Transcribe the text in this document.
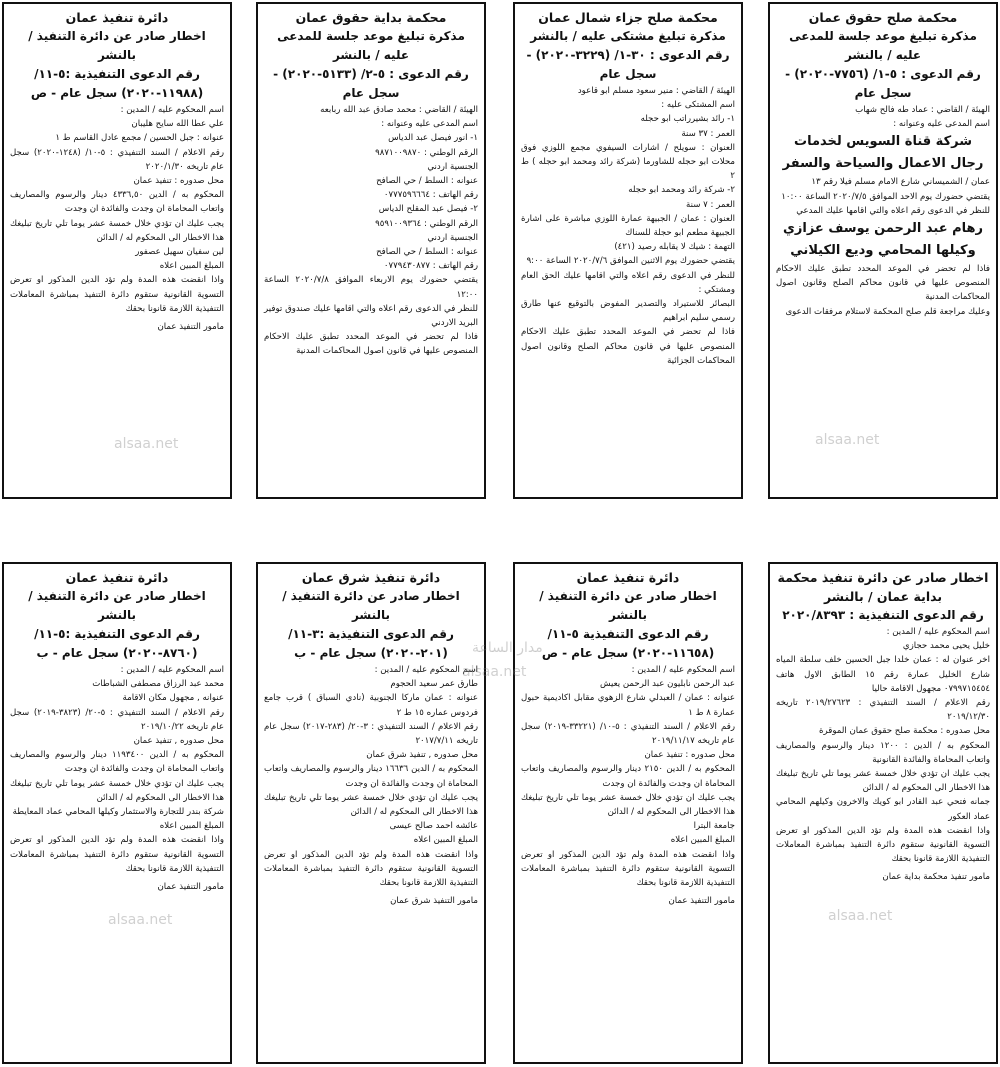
محكمة صلح حقوق عمان
مذكرة تبليغ موعد جلسة للمدعى عليه / بالنشر
رقم الدعوى : ٥-١/ (٧٧٥٦-٢٠٢٠) - سجل عام
الهيئة / القاضي : عماد طه فالح شهاب
اسم المدعى عليه وعنوانه :
شركة قناة السويس لخدمات رجال الاعمال والسياحة والسفر
عمان / الشميساني شارع الامام مسلم فيلا رقم ١٣
يقتضي حضورك يوم الاحد الموافق ٢٠٢٠/٧/٥ الساعة ١٠:٠٠
للنظر في الدعوى رقم اعلاه والتي اقامها عليك المدعي
رهام عبد الرحمن يوسف عزازي وكيلها المحامي وديع الكيلاني
فاذا لم تحضر في الموعد المحدد تطبق عليك الاحكام المنصوص عليها في قانون محاكم الصلح وقانون اصول المحاكمات المدنية
وعليك مراجعة قلم صلح المحكمة لاستلام مرفقات الدعوى
محكمة صلح جزاء شمال عمان
مذكرة تبليغ مشتكى عليه / بالنشر
رقم الدعوى : ٣٠-١/ (٣٢٢٩-٢٠٢٠) - سجل عام
الهيئة / القاضي : منير سعود مسلم ابو قاعود
اسم المشتكى عليه :
١- رائد بشيرراتب ابو حجله
العمر : ٣٧ سنة
العنوان : سويلح / اشارات السيفوي مجمع اللوزي فوق محلات ابو حجله للشاورما (شركة رائد ومحمد ابو حجله ) ط ٢
٢- شركة رائد ومحمد ابو حجله
العمر : ٧ سنة
العنوان : عمان / الجبيهة عمارة اللوزي مباشرة على اشارة الجبيهة مطعم ابو حجلة للسناك
التهمة : شيك لا يقابله رصيد (٤٢١)
يقتضي حضورك يوم الاثنين الموافق ٢٠٢٠/٧/٦ الساعة ٩:٠٠
للنظر في الدعوى رقم اعلاه والتي اقامها عليك الحق العام ومشتكي :
البصائر للاستيراد والتصدير المفوض بالتوقيع عنها طارق رسمي سليم ابراهيم
فاذا لم تحضر في الموعد المحدد تطبق عليك الاحكام المنصوص عليها في قانون محاكم الصلح وقانون اصول المحاكمات الجزائية
محكمة بداية حقوق عمان
مذكرة تبليغ موعد جلسة للمدعى عليه / بالنشر
رقم الدعوى : ٥-٢/ (٥١٣٣-٢٠٢٠) - سجل عام
الهيئة / القاضي : محمد صادق عبد الله ربابعه
اسم المدعى عليه وعنوانه :
١- انور فيصل عبد الدياس
الرقم الوطني : ٩٨٧١٠٠٩٨٧٠
الجنسية اردني
عنوانه : السلط / حي الصافح
رقم الهاتف : ٠٧٧٧٥٩٦٦٦٤
٢- فيصل عبد المقلح الدياس
الرقم الوطني : ٩٥٩١٠٠٩٣٦٤
الجنسية اردني
عنوانه : السلط / حي الصافح
رقم الهاتف : ٠٧٧٩٤٣٠٨٧٧
يقتضي حضورك يوم الاربعاء الموافق ٢٠٢٠/٧/٨ الساعة ١٢:٠٠
للنظر في الدعوى رقم اعلاه والتي اقامها عليك صندوق توفير البريد الاردني
فاذا لم تحضر في الموعد المحدد تطبق عليك الاحكام المنصوص عليها في قانون اصول المحاكمات المدنية
دائرة تنفيذ عمان
اخطار صادر عن دائرة التنفيذ / بالنشر
رقم الدعوى التنفيذية :٥-١١/ (١١٩٨٨-٢٠٢٠) سجل عام - ص
اسم المحكوم عليه / المدين :
علي عطا الله سايح هليبان
عنوانه : جبل الحسين / مجمع عادل القاسم ط ١
رقم الاعلام / السند التنفيذي : ٥-١٠/ (١٢٤٨-٢٠٢٠) سجل عام تاريخه ٢٠٢٠/١/٣٠
محل صدوره : تنفيذ عمان
المحكوم به / الدين ٤٣٣٦,٥٠ دينار والرسوم والمصاريف واتعاب المحاماة ان وجدت والفائدة ان وجدت
يجب عليك ان تؤدي خلال خمسة عشر يوما تلي تاريخ تبليغك هذا الاخطار الى المحكوم له / الدائن
لين سفيان سهيل عصفور
المبلغ المبين اعلاه
واذا انقضت هذه المدة ولم تؤد الدين المذكور او تعرض التسوية القانونية ستقوم دائرة التنفيذ بمباشرة المعاملات التنفيذية اللازمة قانونا بحقك
مامور التنفيذ عمان
اخطار صادر عن دائرة تنفيذ محكمة بداية عمان / بالنشر
رقم الدعوى التنفيذية : ٢٠٢٠/٨٣٩٣
اسم المحكوم عليه / المدين :
خليل يحيى محمد حجازي
اخر عنوان له : عمان خلدا جبل الحسين خلف سلطة المياه شارع الخليل عمارة رقم ١٥ الطابق الاول هاتف ٠٧٩٩٧١٥٤٥٤ مجهول الاقامة حاليا
رقم الاعلام / السند التنفيذي : ٢٠١٩/٢٧٦٢٣ تاريخه ٢٠١٩/١٢/٣٠
محل صدوره : محكمة صلح حقوق عمان الموقرة
المحكوم به / الدين : ١٢٠٠ دينار والرسوم والمصاريف واتعاب المحاماة والفائدة القانونية
يجب عليك ان تؤدي خلال خمسة عشر يوما تلي تاريخ تبليغك هذا الاخطار الى المحكوم له / الدائن
جمانه فتحي عبد القادر ابو كويك والاخرون وكيلهم المحامي عماد العكور
واذا انقضت هذه المدة ولم تؤد الدين المذكور او تعرض التسوية القانونية ستقوم دائرة التنفيذ بمباشرة المعاملات التنفيذية اللازمة قانونا بحقك
مامور تنفيذ محكمة بداية عمان
دائرة تنفيذ عمان
اخطار صادر عن دائرة التنفيذ / بالنشر
رقم الدعوى التنفيذية ٥-١١/ (١١٦٥٨-٢٠٢٠) سجل عام - ص
اسم المحكوم عليه / المدين :
عبد الرحمن نابليون عبد الرحمن يعيش
عنوانه : عمان / العبدلي شارع الزهوي مقابل اكاديمية حبول عمارة ٨ ط ١
رقم الاعلام / السند التنفيذي : ٥-١٠/ (٣٣٢٢١-٢٠١٩) سجل عام تاريخه ٢٠١٩/١١/١٧
محل صدوره : تنفيذ عمان
المحكوم به / الدين ٢١٥٠ دينار والرسوم والمصاريف واتعاب المحاماة ان وجدت والفائدة ان وجدت
يجب عليك ان تؤدي خلال خمسة عشر يوما تلي تاريخ تبليغك هذا الاخطار الى المحكوم له / الدائن
جامعة البترا
المبلغ المبين اعلاه
واذا انقضت هذه المدة ولم تؤد الدين المذكور او تعرض التسوية القانونية ستقوم دائرة التنفيذ بمباشرة المعاملات التنفيذية اللازمة قانونا بحقك
مامور التنفيذ عمان
دائرة تنفيذ شرق عمان
اخطار صادر عن دائرة التنفيذ / بالنشر
رقم الدعوى التنفيذية :٣-١١/ (٢٠١-٢٠٢٠) سجل عام - ب
اسم المحكوم عليه / المدين :
طارق عمر سعيد الحجوم
عنوانه : عمان ماركا الجنوبية (نادي السباق ) قرب جامع فردوس عماره ١٥ ط ٢
رقم الاعلام / السند التنفيذي : ٣-٢٠/ (٢٨٣-٢٠١٧) سجل عام تاريخه ٢٠١٧/٧/١١
محل صدوره , تنفيذ شرق عمان
المحكوم به / الدين ١٦٦٣٦ دينار والرسوم والمصاريف واتعاب المحاماة ان وجدت والفائدة ان وجدت
يجب عليك ان تؤدي خلال خمسة عشر يوما تلي تاريخ تبليغك هذا الاخطار الى المحكوم له / الدائن
عائشه احمد صالح عيسى
المبلغ المبين اعلاه
واذا انقضت هذه المدة ولم تؤد الدين المذكور او تعرض التسوية القانونية ستقوم دائرة التنفيذ بمباشرة المعاملات التنفيذية اللازمة قانونا بحقك
مامور التنفيذ شرق عمان
دائرة تنفيذ عمان
اخطار صادر عن دائرة التنفيذ / بالنشر
رقم الدعوى التنفيذية :٥-١١/ (٨٧٦٠-٢٠٢٠) سجل عام - ب
اسم المحكوم عليه / المدين :
محمد عبد الرزاق مصطفى الشباطات
عنوانه , مجهول مكان الاقامة
رقم الاعلام / السند التنفيذي : ٥-٢٠/ (٣٨٢٣-٢٠١٩) سجل عام تاريخه ٢٠١٩/١٠/٢٢
محل صدوره , تنفيذ عمان
المحكوم به / الدين ١١٩٣٤٠٠ دينار والرسوم والمصاريف واتعاب المحاماة ان وجدت والفائدة ان وجدت
يجب عليك ان تؤدي خلال خمسة عشر يوما تلي تاريخ تبليغك هذا الاخطار الى المحكوم له / الدائن
شركة بندر للتجارة والاستثمار وكيلها المحامي عماد المعايطة
المبلغ المبين اعلاه
واذا انقضت هذه المدة ولم تؤد الدين المذكور او تعرض التسوية القانونية ستقوم دائرة التنفيذ بمباشرة المعاملات التنفيذية اللازمة قانونا بحقك
مامور التنفيذ عمان
alsaa.net
alsaa.net
مدار الساعة
alsaa.net
alsaa.net
alsaa.net
